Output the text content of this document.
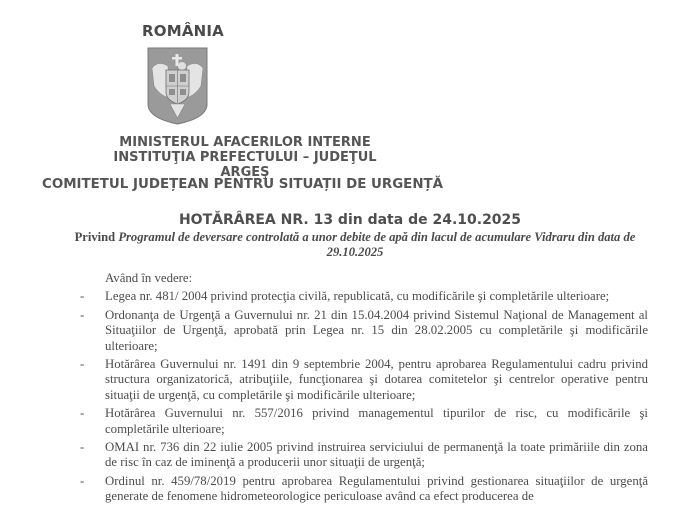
ROMÂNIA
MINISTERUL AFACERILOR INTERNE
INSTITUŢIA PREFECTULUI – JUDEŢUL ARGEŞ
COMITETUL JUDEȚEAN PENTRU SITUAȚII DE URGENȚĂ
HOTĂRÂREA NR. 13 din data de 24.10.2025
Privind Programul de deversare controlată a unor debite de apă din lacul de acumulare Vidraru din data de 29.10.2025
Având în vedere:
- Legea nr. 481/ 2004 privind protecţia civilă, republicată, cu modificările şi completările ulterioare;
- Ordonanţa de Urgenţă a Guvernului nr. 21 din 15.04.2004 privind Sistemul Naţional de Management al Situaţiilor de Urgenţă, aprobată prin Legea nr. 15 din 28.02.2005 cu completările şi modificările ulterioare;
- Hotărârea Guvernului nr. 1491 din 9 septembrie 2004, pentru aprobarea Regulamentului cadru privind structura organizatorică, atribuţiile, funcţionarea şi dotarea comitetelor şi centrelor operative pentru situaţii de urgenţă, cu completările şi modificările ulterioare;
- Hotărârea Guvernului nr. 557/2016 privind managementul tipurilor de risc, cu modificările şi completările ulterioare;
- OMAI nr. 736 din 22 iulie 2005 privind instruirea serviciului de permanenţă la toate primăriile din zona de risc în caz de iminenţă a producerii unor situaţii de urgenţă;
- Ordinul nr. 459/78/2019 pentru aprobarea Regulamentului privind gestionarea situaţiilor de urgenţă generate de fenomene hidrometeorologice periculoase având ca efect producerea de
